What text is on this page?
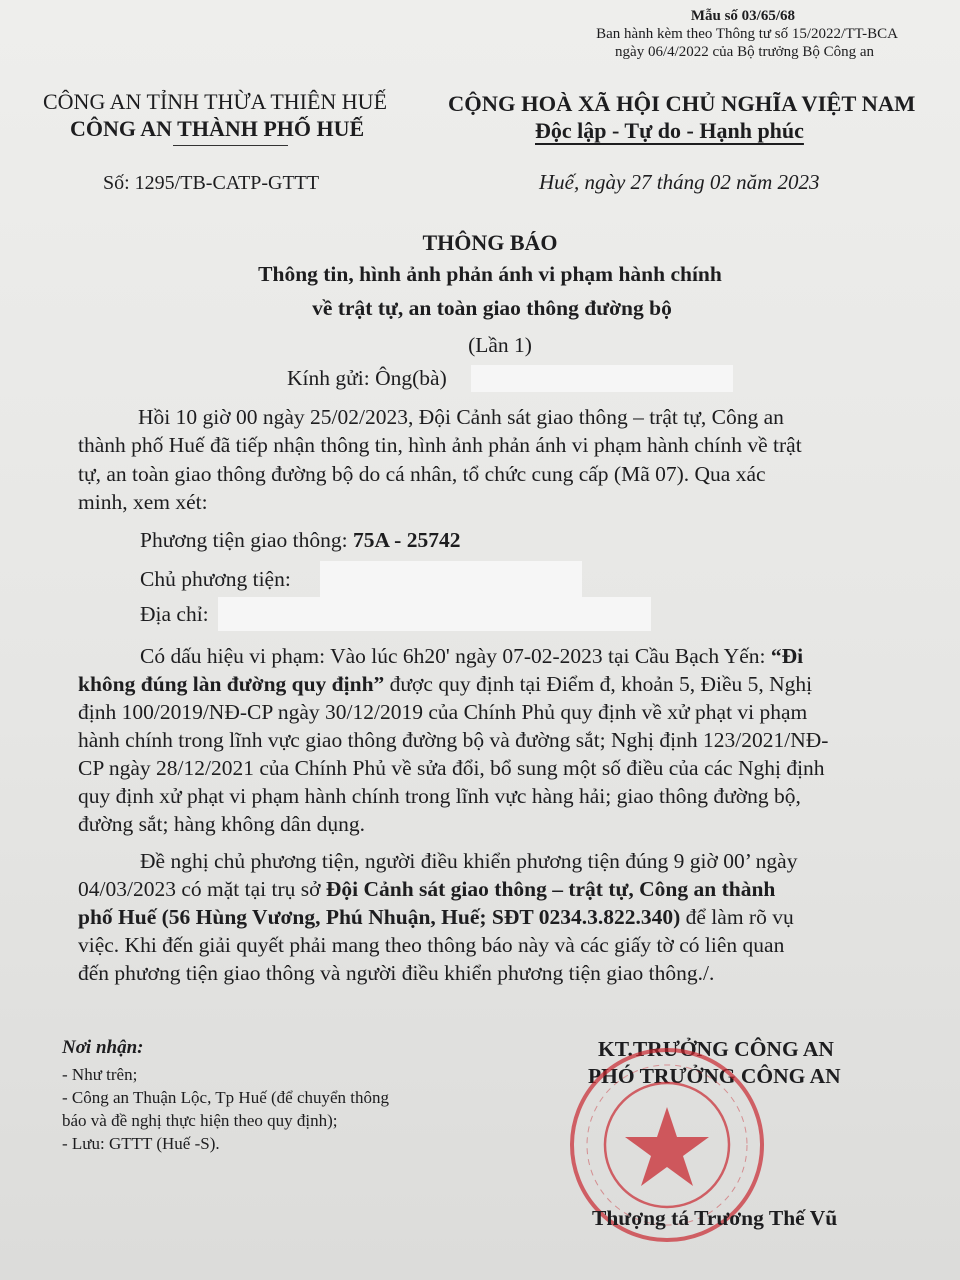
Mẫu số 03/65/68
Ban hành kèm theo Thông tư số 15/2022/TT-BCA
ngày 06/4/2022 của Bộ trưởng Bộ Công an
CÔNG AN TỈNH THỪA THIÊN HUẾ
CÔNG AN THÀNH PHỐ HUẾ
Số: 1295/TB-CATP-GTTT
CỘNG HOÀ XÃ HỘI CHỦ NGHĨA VIỆT NAM
Độc lập - Tự do - Hạnh phúc
Huế, ngày 27 tháng 02 năm 2023
THÔNG BÁO
Thông tin, hình ảnh phản ánh vi phạm hành chính
về trật tự, an toàn giao thông đường bộ
(Lần 1)
Kính gửi: Ông(bà)
Hồi 10 giờ 00 ngày 25/02/2023, Đội Cảnh sát giao thông – trật tự, Công an
thành phố Huế đã tiếp nhận thông tin, hình ảnh phản ánh vi phạm hành chính về trật
tự, an toàn giao thông đường bộ do cá nhân, tổ chức cung cấp (Mã 07). Qua xác
minh, xem xét:
Phương tiện giao thông: 75A - 25742
Chủ phương tiện:
Địa chỉ:
Có dấu hiệu vi phạm: Vào lúc 6h20' ngày 07-02-2023 tại Cầu Bạch Yến: “Đi
không đúng làn đường quy định” được quy định tại Điểm đ, khoản 5, Điều 5, Nghị
định 100/2019/NĐ-CP ngày 30/12/2019 của Chính Phủ quy định về xử phạt vi phạm
hành chính trong lĩnh vực giao thông đường bộ và đường sắt; Nghị định 123/2021/NĐ-
CP ngày 28/12/2021 của Chính Phủ về sửa đổi, bổ sung một số điều của các Nghị định
quy định xử phạt vi phạm hành chính trong lĩnh vực hàng hải; giao thông đường bộ,
đường sắt; hàng không dân dụng.
Đề nghị chủ phương tiện, người điều khiển phương tiện đúng 9 giờ 00’ ngày
04/03/2023 có mặt tại trụ sở Đội Cảnh sát giao thông – trật tự, Công an thành
phố Huế (56 Hùng Vương, Phú Nhuận, Huế; SĐT 0234.3.822.340) để làm rõ vụ
việc. Khi đến giải quyết phải mang theo thông báo này và các giấy tờ có liên quan
đến phương tiện giao thông và người điều khiển phương tiện giao thông./.
Nơi nhận:
- Như trên;
- Công an Thuận Lộc, Tp Huế (để chuyển thông
báo và đề nghị thực hiện theo quy định);
- Lưu: GTTT (Huế -S).
KT.TRƯỞNG CÔNG AN
PHÓ TRƯỞNG CÔNG AN
Thượng tá Trương Thế Vũ
